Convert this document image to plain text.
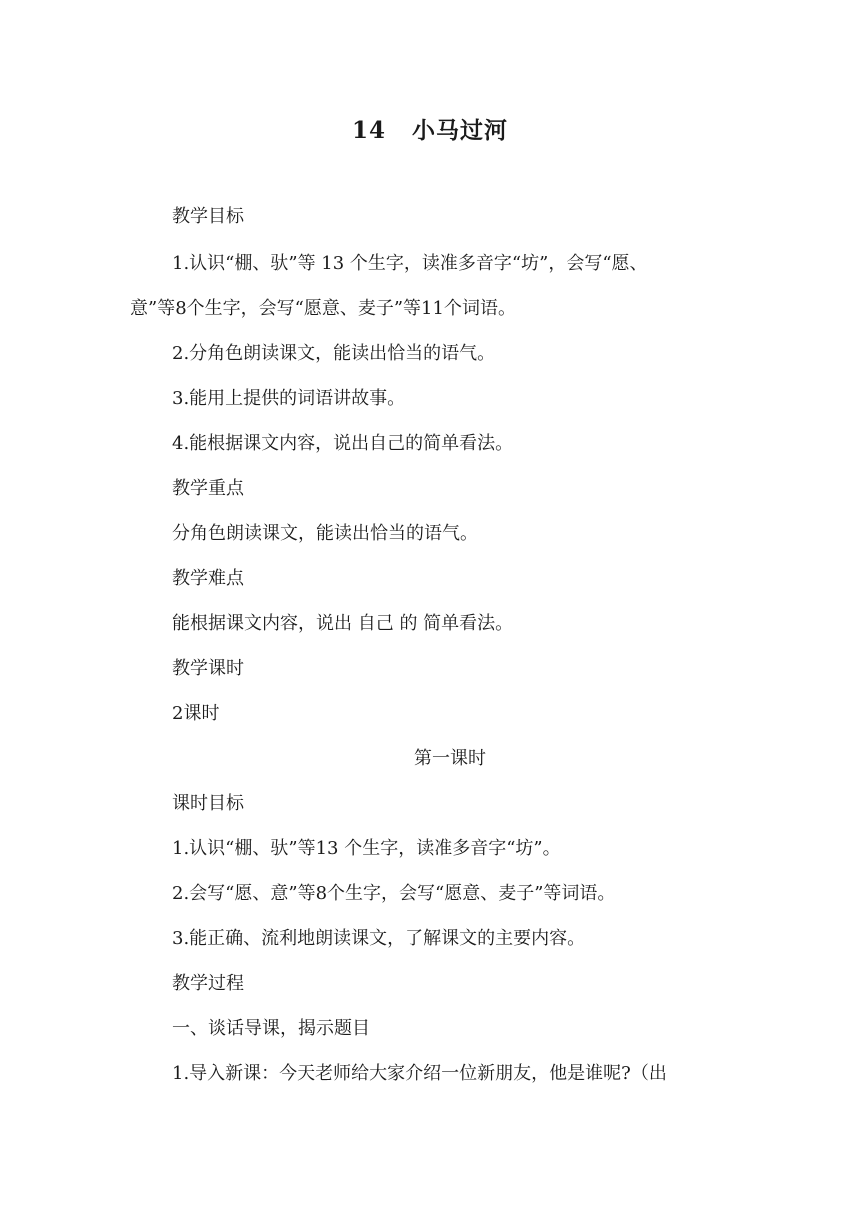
14 小马过河
教学目标
1.认识“棚、驮”等 13 个生字，读准多音字“坊”，会写“愿、
意”等8个生字，会写“愿意、麦子”等11个词语。
2.分角色朗读课文，能读出恰当的语气。
3.能用上提供的词语讲故事。
4.能根据课文内容，说出自己的简单看法。
教学重点
分角色朗读课文，能读出恰当的语气。
教学难点
能根据课文内容，说出 自己 的 简单看法。
教学课时
2课时
第一课时
课时目标
1.认识“棚、驮”等13 个生字，读准多音字“坊”。
2.会写“愿、意”等8个生字，会写“愿意、麦子”等词语。
3.能正确、流利地朗读课文，了解课文的主要内容。
教学过程
一、谈话导课，揭示题目
1.导入新课：今天老师给大家介绍一位新朋友，他是谁呢?（出
